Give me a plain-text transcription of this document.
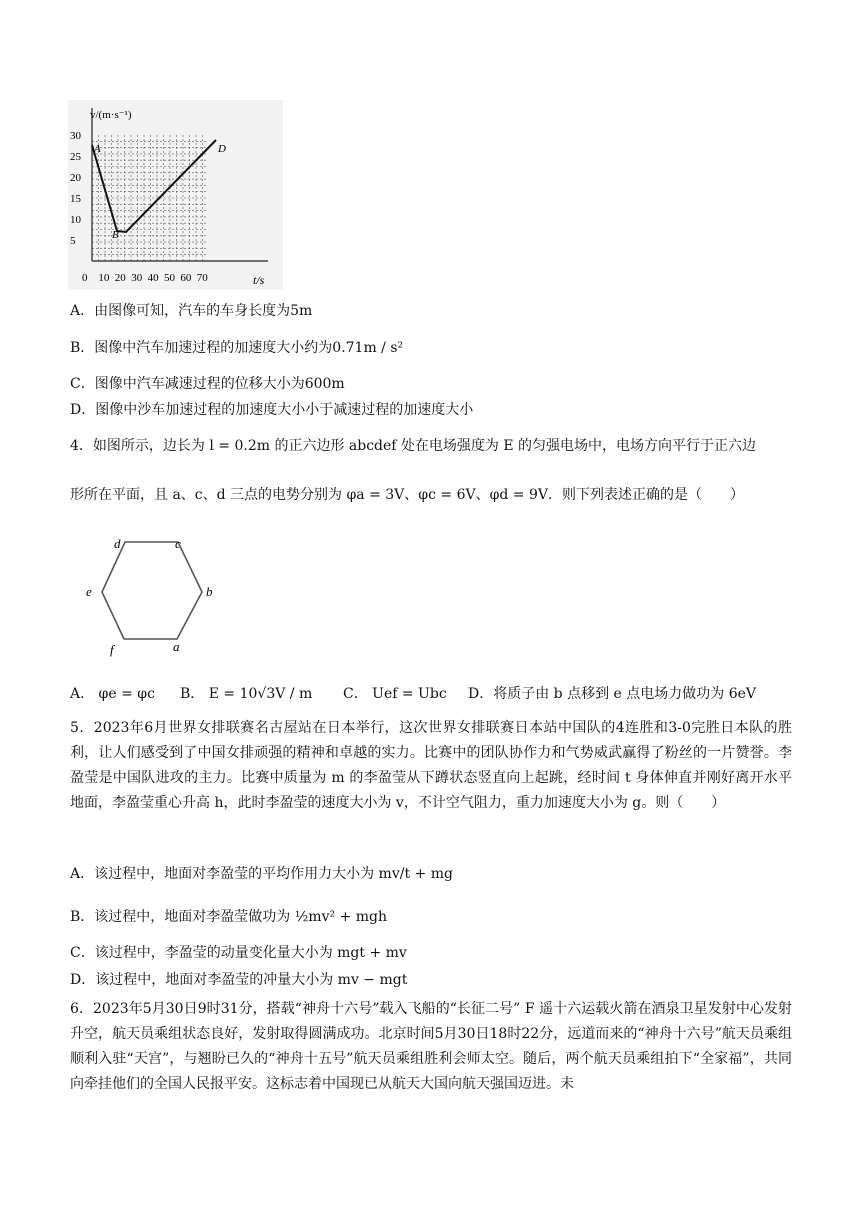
v/(m·s⁻¹)
t/s
30
25
20
15
10
5
0 10 20 30 40 50 60 70
A
B
D
A．由图像可知，汽车的车身长度为5m
B．图像中汽车加速过程的加速度大小约为0.71m / s²
C．图像中汽车减速过程的位移大小为600m
D．图像中沙车加速过程的加速度大小小于减速过程的加速度大小
4．如图所示，边长为 l = 0.2m 的正六边形 abcdef 处在电场强度为 E 的匀强电场中，电场方向平行于正六边
形所在平面，且 a、c、d 三点的电势分别为 φa = 3V、φc = 6V、φd = 9V．则下列表述正确的是（　　）
d	c
e	b
f	a
A． φe = φc B． E = 10√3V / m C． Uef = Ubc D．将质子由 b 点移到 e 点电场力做功为 6eV
5．2023年6月世界女排联赛名古屋站在日本举行，这次世界女排联赛日本站中国队的4连胜和3-0完胜日本队的胜利，让人们感受到了中国女排顽强的精神和卓越的实力。比赛中的团队协作力和气势威武赢得了粉丝的一片赞誉。李盈莹是中国队进攻的主力。比赛中质量为 m 的李盈莹从下蹲状态竖直向上起跳，经时间 t 身体伸直并刚好离开水平地面，李盈莹重心升高 h，此时李盈莹的速度大小为 v，不计空气阻力，重力加速度大小为 g。则（　　）
A．该过程中，地面对李盈莹的平均作用力大小为 mv/t + mg
B．该过程中，地面对李盈莹做功为 ½mv² + mgh
C．该过程中，李盈莹的动量变化量大小为 mgt + mv
D．该过程中，地面对李盈莹的冲量大小为 mv − mgt
6．2023年5月30日9时31分，搭载“神舟十六号”载入飞船的“长征二号” F 遥十六运载火箭在酒泉卫星发射中心发射升空，航天员乘组状态良好，发射取得圆满成功。北京时间5月30日18时22分，远道而来的“神舟十六号”航天员乘组顺利入驻“天宫”，与翘盼已久的“神舟十五号”航天员乘组胜利会师太空。随后，两个航天员乘组拍下“全家福”，共同向牵挂他们的全国人民报平安。这标志着中国现已从航天大国向航天强国迈进。未
